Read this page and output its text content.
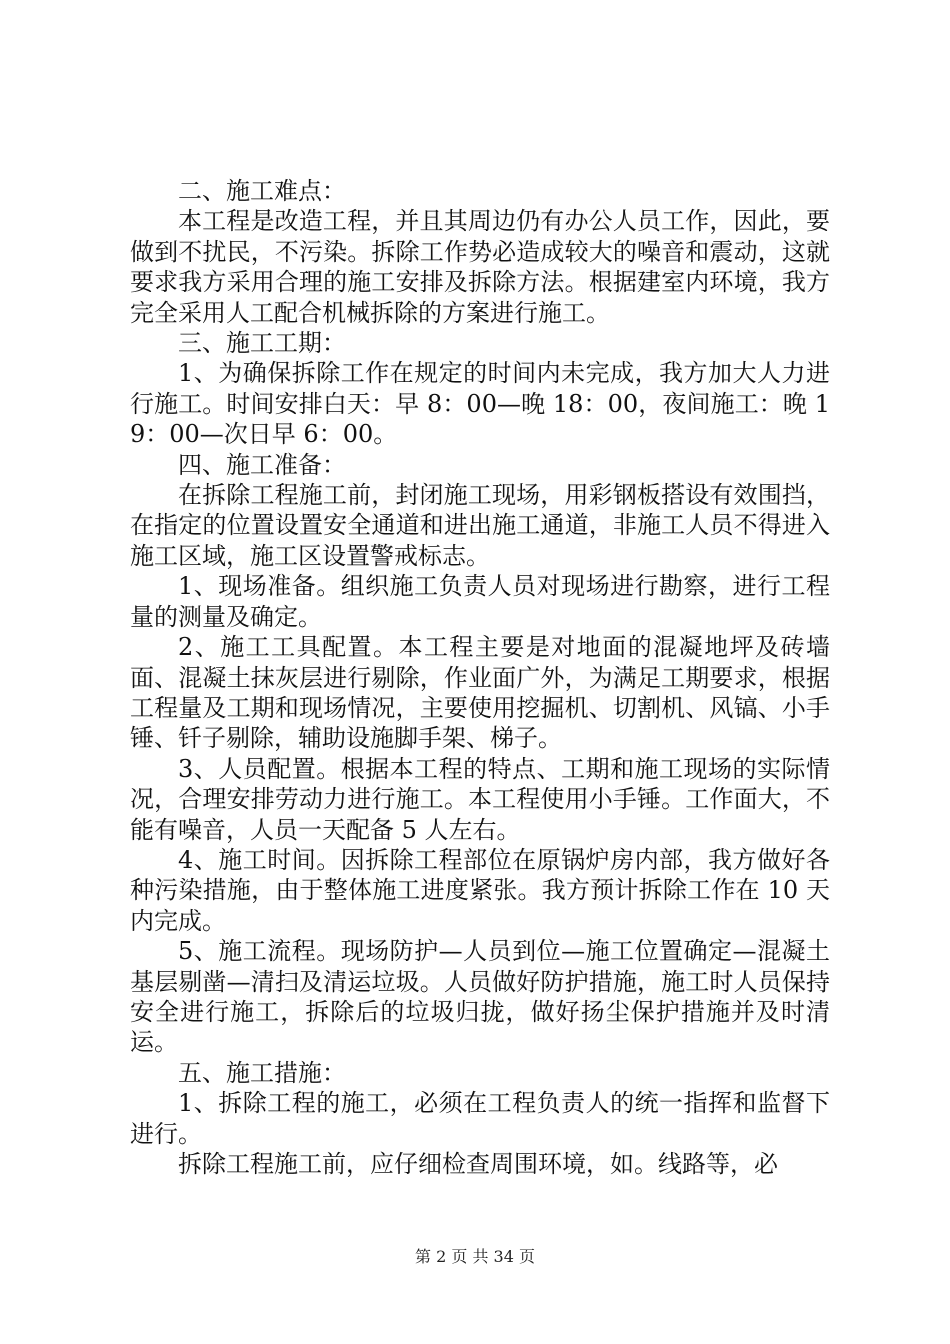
二、施工难点：

本工程是改造工程，并且其周边仍有办公人员工作，因此，要做到不扰民，不污染。拆除工作势必造成较大的噪音和震动，这就要求我方采用合理的施工安排及拆除方法。根据建室内环境，我方完全采用人工配合机械拆除的方案进行施工。

三、施工工期：

1、为确保拆除工作在规定的时间内未完成，我方加大人力进行施工。时间安排白天：早 8：00—晚 18：00，夜间施工：晚 19：00—次日早 6：00。

四、施工准备：

在拆除工程施工前，封闭施工现场，用彩钢板搭设有效围挡，在指定的位置设置安全通道和进出施工通道，非施工人员不得进入施工区域，施工区设置警戒标志。

1、现场准备。组织施工负责人员对现场进行勘察，进行工程量的测量及确定。

2、施工工具配置。本工程主要是对地面的混凝地坪及砖墙面、混凝土抹灰层进行剔除，作业面广外，为满足工期要求，根据工程量及工期和现场情况，主要使用挖掘机、切割机、风镐、小手锤、钎子剔除，辅助设施脚手架、梯子。

3、人员配置。根据本工程的特点、工期和施工现场的实际情况，合理安排劳动力进行施工。本工程使用小手锤。工作面大，不能有噪音，人员一天配备 5 人左右。

4、施工时间。因拆除工程部位在原锅炉房内部，我方做好各种污染措施，由于整体施工进度紧张。我方预计拆除工作在 10 天内完成。

5、施工流程。现场防护—人员到位—施工位置确定—混凝土基层剔凿—清扫及清运垃圾。人员做好防护措施，施工时人员保持安全进行施工，拆除后的垃圾归拢，做好扬尘保护措施并及时清运。

五、施工措施：

1、拆除工程的施工，必须在工程负责人的统一指挥和监督下进行。

拆除工程施工前，应仔细检查周围环境，如。线路等，必

第 2 页 共 34 页
